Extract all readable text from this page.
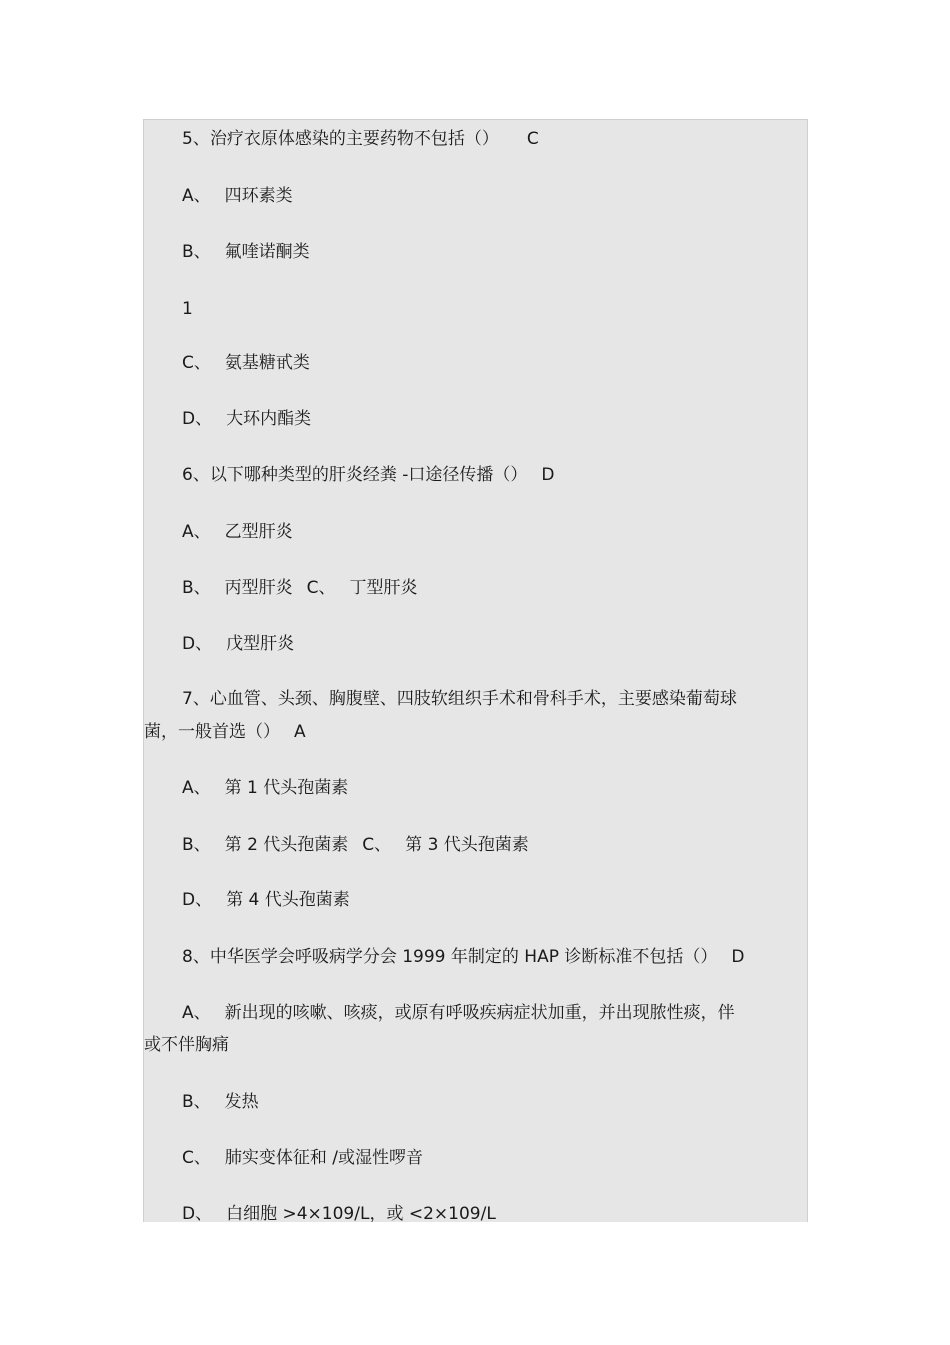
5、治疗衣原体感染的主要药物不包括（） C
A、 四环素类
B、 氟喹诺酮类
1
C、 氨基糖甙类
D、 大环内酯类
6、以下哪种类型的肝炎经粪 -口途径传播（） D
A、 乙型肝炎
B、 丙型肝炎 C、 丁型肝炎
D、 戊型肝炎
7、心血管、头颈、胸腹壁、四肢软组织手术和骨科手术，主要感染葡萄球
菌，一般首选（） A
A、 第 1 代头孢菌素
B、 第 2 代头孢菌素 C、 第 3 代头孢菌素
D、 第 4 代头孢菌素
8、中华医学会呼吸病学分会 1999 年制定的 HAP 诊断标准不包括（） D
A、 新出现的咳嗽、咳痰，或原有呼吸疾病症状加重，并出现脓性痰，伴
或不伴胸痛
B、 发热
C、 肺实变体征和 /或湿性啰音
D、 白细胞 >4×109/L，或 <2×109/L
